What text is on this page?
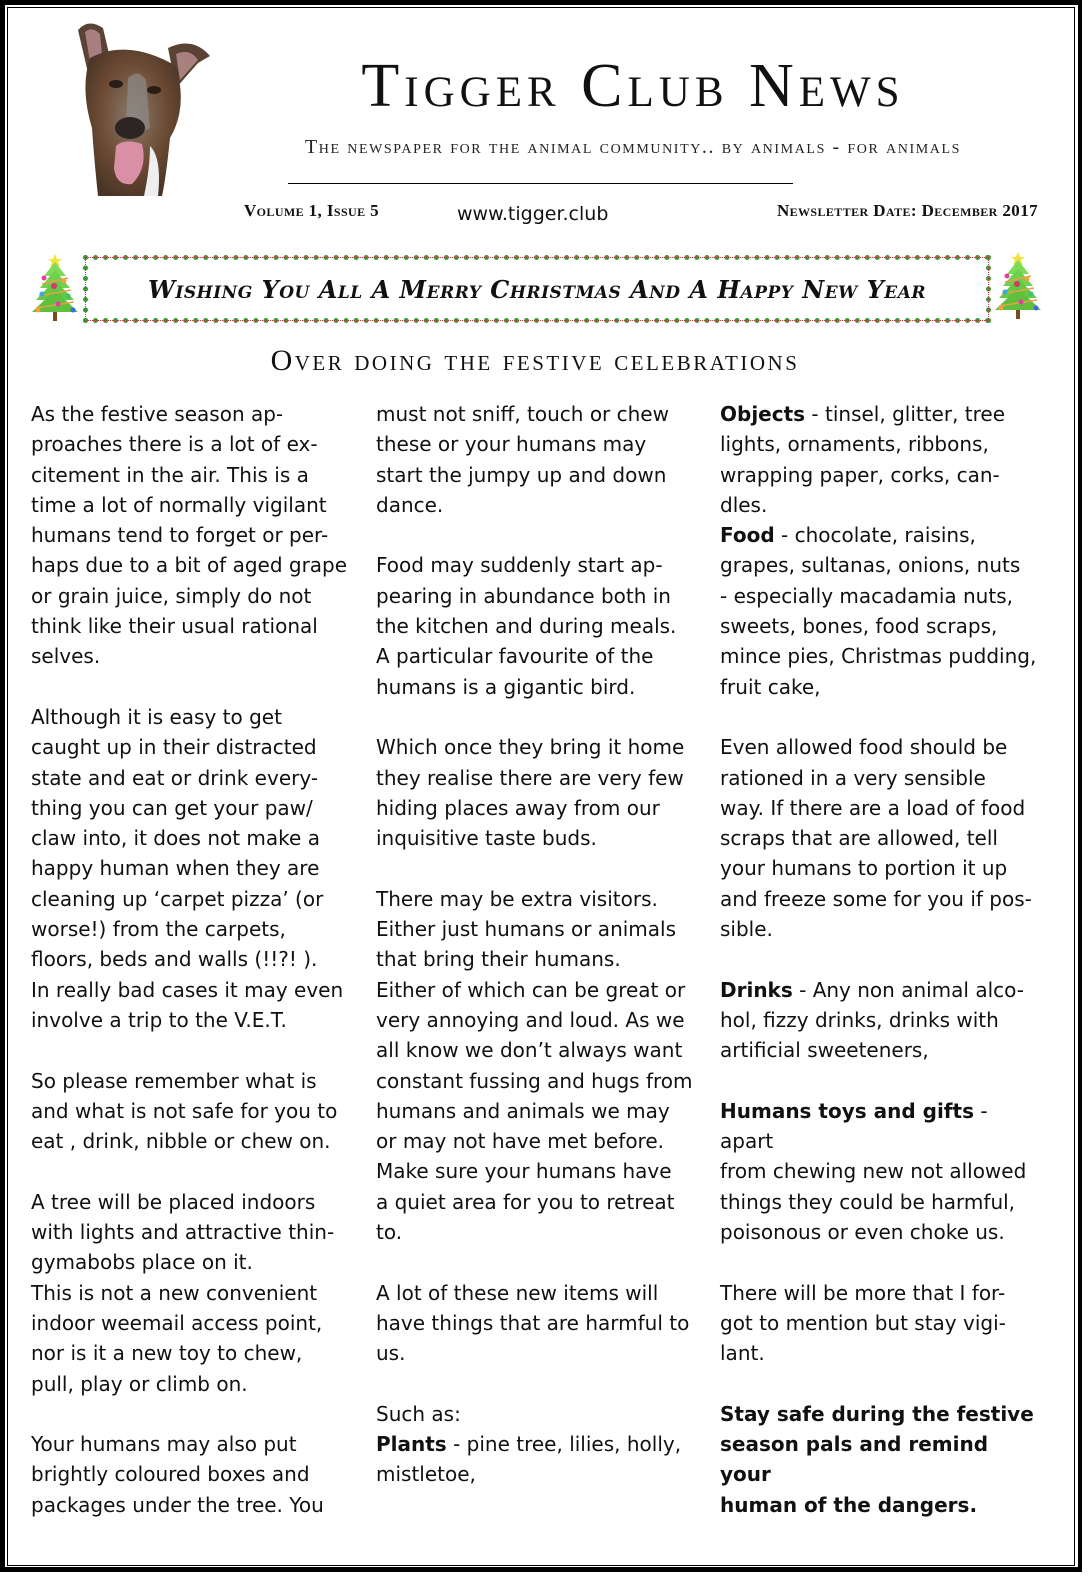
Tigger Club News
The newspaper for the animal community.. by animals - for animals
Volume 1, Issue 5	www.tigger.club	Newsletter Date: December 2017
Wishing You All A Merry Christmas And A Happy New Year
Over doing the festive celebrations

As the festive season ap-
proaches there is a lot of ex-
citement in the air. This is a
time a lot of normally vigilant
humans tend to forget or per-
haps due to a bit of aged grape
or grain juice, simply do not
think like their usual rational
selves.

Although it is easy to get
caught up in their distracted
state and eat or drink every-
thing you can get your paw/
claw into, it does not make a
happy human when they are
cleaning up ‘carpet pizza’ (or
worse!) from the carpets,
floors, beds and walls (!!?! ).
In really bad cases it may even
involve a trip to the V.E.T.

So please remember what is
and what is not safe for you to
eat , drink, nibble or chew on.

A tree will be placed indoors
with lights and attractive thin-
gymabobs place on it.
This is not a new convenient
indoor weemail access point,
nor is it a new toy to chew,
pull, play or climb on.

Your humans may also put
brightly coloured boxes and
packages under the tree. You

must not sniff, touch or chew
these or your humans may
start the jumpy up and down
dance.

Food may suddenly start ap-
pearing in abundance both in
the kitchen and during meals.
A particular favourite of the
humans is a gigantic bird.

Which once they bring it home
they realise there are very few
hiding places away from our
inquisitive taste buds.

There may be extra visitors.
Either just humans or animals
that bring their humans.
Either of which can be great or
very annoying and loud. As we
all know we don’t always want
constant fussing and hugs from
humans and animals we may
or may not have met before.
Make sure your humans have
a quiet area for you to retreat
to.

A lot of these new items will
have things that are harmful to
us.

Such as:

Plants - pine tree, lilies, holly,
mistletoe,

Objects - tinsel, glitter, tree
lights, ornaments, ribbons,
wrapping paper, corks, can-
dles.

Food - chocolate, raisins,
grapes, sultanas, onions, nuts
- especially macadamia nuts,
sweets, bones, food scraps,
mince pies, Christmas pudding,
fruit cake,

Even allowed food should be
rationed in a very sensible
way. If there are a load of food
scraps that are allowed, tell
your humans to portion it up
and freeze some for you if pos-
sible.

Drinks - Any non animal alco-
hol, fizzy drinks, drinks with
artificial sweeteners,

Humans toys and gifts - apart
from chewing new not allowed
things they could be harmful,
poisonous or even choke us.

There will be more that I for-
got to mention but stay vigi-
lant.

Stay safe during the festive
season pals and remind your
human of the dangers.
